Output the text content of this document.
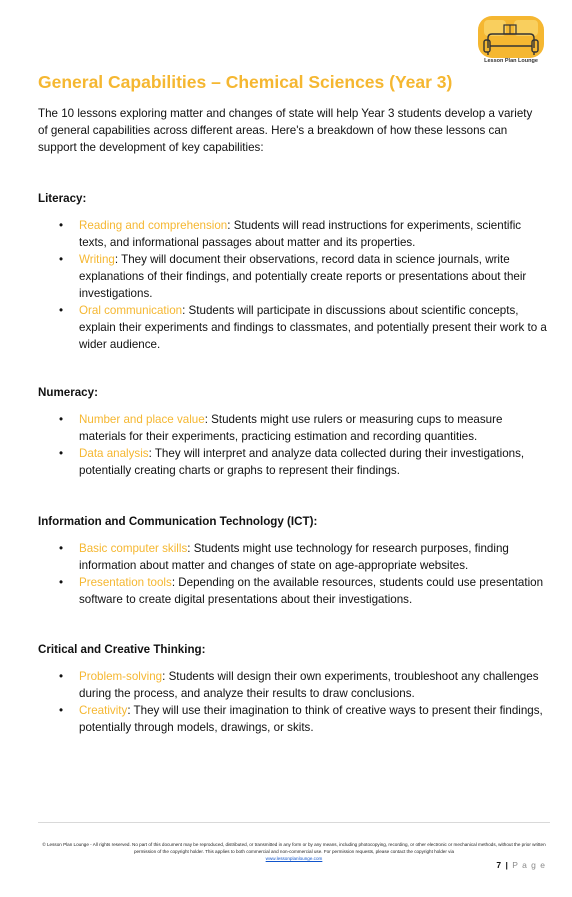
Lesson Plan Lounge
General Capabilities – Chemical Sciences (Year 3)

The 10 lessons exploring matter and changes of state will help Year 3 students develop a variety of general capabilities across different areas. Here's a breakdown of how these lessons can support the development of key capabilities:

Literacy:
• Reading and comprehension: Students will read instructions for experiments, scientific texts, and informational passages about matter and its properties.
• Writing: They will document their observations, record data in science journals, write explanations of their findings, and potentially create reports or presentations about their investigations.
• Oral communication: Students will participate in discussions about scientific concepts, explain their experiments and findings to classmates, and potentially present their work to a wider audience.
Numeracy:
• Number and place value: Students might use rulers or measuring cups to measure materials for their experiments, practicing estimation and recording quantities.
• Data analysis: They will interpret and analyze data collected during their investigations, potentially creating charts or graphs to represent their findings.
Information and Communication Technology (ICT):
• Basic computer skills: Students might use technology for research purposes, finding information about matter and changes of state on age-appropriate websites.
• Presentation tools: Depending on the available resources, students could use presentation software to create digital presentations about their investigations.
Critical and Creative Thinking:
• Problem-solving: Students will design their own experiments, troubleshoot any challenges during the process, and analyze their results to draw conclusions.
• Creativity: They will use their imagination to think of creative ways to present their findings, potentially through models, drawings, or skits.
© Lesson Plan Lounge - All rights reserved. No part of this document may be reproduced, distributed, or transmitted in any form or by any means, including photocopying, recording, or other electronic or mechanical methods, without the prior written permission of the copyright holder. This applies to both commercial and non-commercial use. For permission requests, please contact the copyright holder via
www.lessonplanlounge.com
7 | P a g e
